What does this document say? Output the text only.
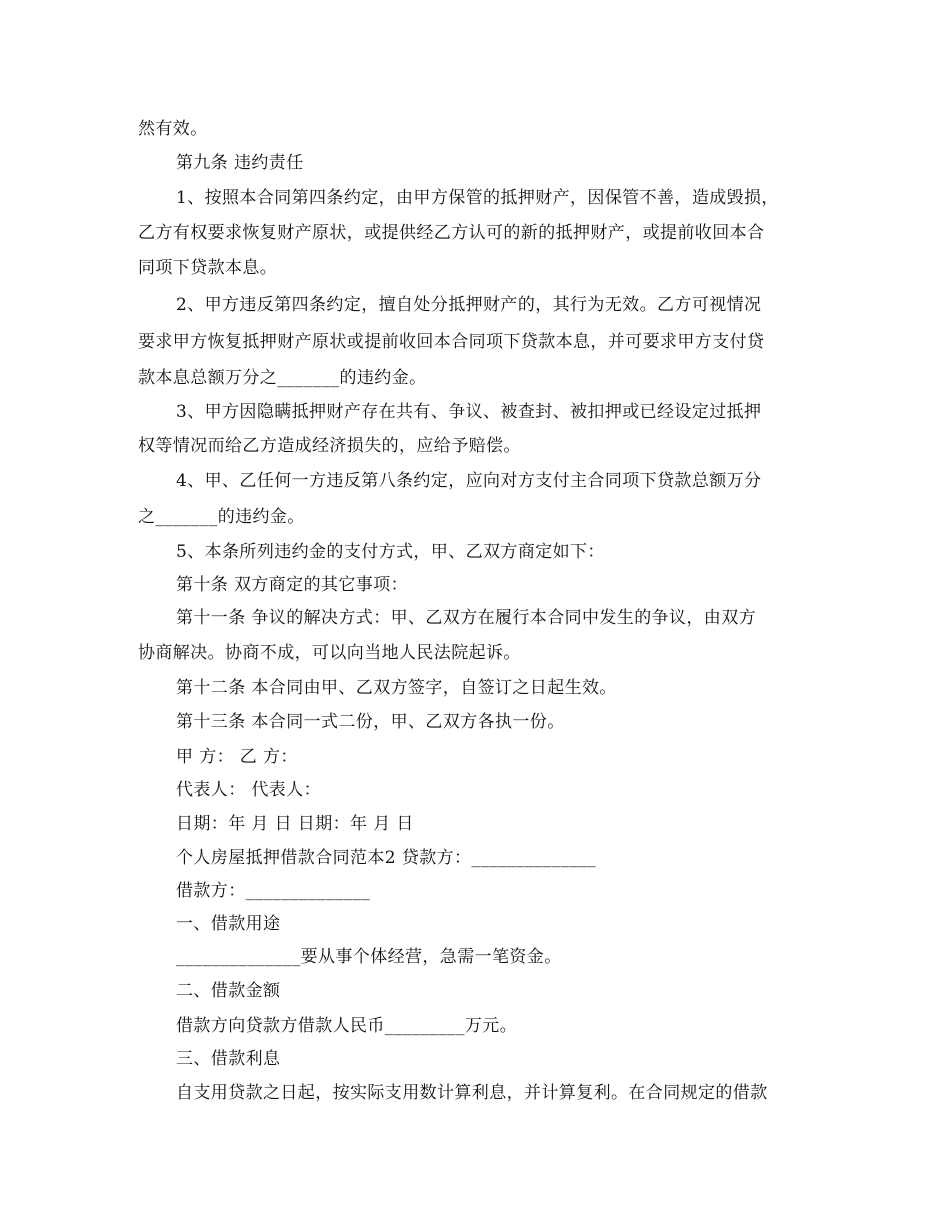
然有效。
第九条 违约责任
1、按照本合同第四条约定，由甲方保管的抵押财产，因保管不善，造成毁损，
乙方有权要求恢复财产原状，或提供经乙方认可的新的抵押财产，或提前收回本合
同项下贷款本息。
2、甲方违反第四条约定，擅自处分抵押财产的，其行为无效。乙方可视情况
要求甲方恢复抵押财产原状或提前收回本合同项下贷款本息，并可要求甲方支付贷
款本息总额万分之_______的违约金。
3、甲方因隐瞒抵押财产存在共有、争议、被查封、被扣押或已经设定过抵押
权等情况而给乙方造成经济损失的，应给予赔偿。
4、甲、乙任何一方违反第八条约定，应向对方支付主合同项下贷款总额万分
之_______的违约金。
5、本条所列违约金的支付方式，甲、乙双方商定如下：
第十条 双方商定的其它事项：
第十一条 争议的解决方式：甲、乙双方在履行本合同中发生的争议，由双方
协商解决。协商不成，可以向当地人民法院起诉。
第十二条 本合同由甲、乙双方签字，自签订之日起生效。
第十三条 本合同一式二份，甲、乙双方各执一份。
甲 方： 乙 方：
代表人： 代表人：
日期：年 月 日 日期：年 月 日
个人房屋抵押借款合同范本2 贷款方：______________
借款方：______________
一、借款用途
______________要从事个体经营，急需一笔资金。
二、借款金额
借款方向贷款方借款人民币_________万元。
三、借款利息
自支用贷款之日起，按实际支用数计算利息，并计算复利。在合同规定的借款
